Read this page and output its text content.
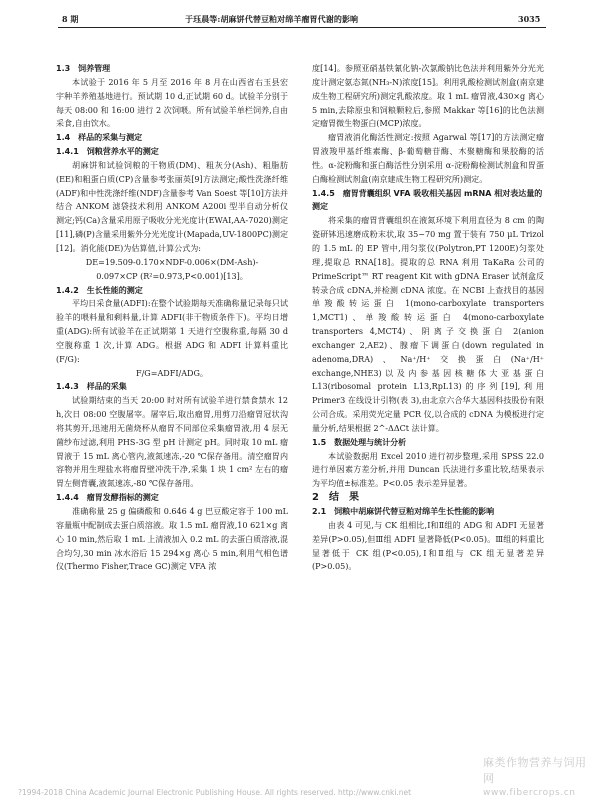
8 期	于珏晨等:胡麻饼代替豆粕对绵羊瘤胃代谢的影响	3035
1.3　饲养管理
本试验于 2016 年 5 月至 2016 年 8 月在山西省右玉县宏宇种羊养殖基地进行。预试期 10 d,正试期 60 d。试验羊分别于每天 08:00 和 16:00 进行 2 次饲喂。所有试验羊单栏饲养,自由采食,自由饮水。
1.4　样品的采集与测定
1.4.1　饲粮营养水平的测定
胡麻饼和试验饲粮的干物质(DM)、粗灰分(Ash)、粗脂肪(EE)和粗蛋白质(CP)含量参考张丽英[9]方法测定;酸性洗涤纤维(ADF)和中性洗涤纤维(NDF)含量参考 Van Soest 等[10]方法并结合 ANKOM 滤袋技术利用 ANKOM A200i 型半自动分析仪测定;钙(Ca)含量采用原子吸收分光光度计(EWAI,AA-7020)测定[11],磷(P)含量采用紫外分光光度计(Mapada,UV-1800PC)测定[12]。消化能(DE)为估算值,计算公式为:
DE=19.509-0.170×NDF-0.006×(DM-Ash)-
0.097×CP (R²=0.973,P<0.001)[13]。
1.4.2　生长性能的测定
平均日采食量(ADFI):在整个试验期每天准确称量记录每只试验羊的喂料量和剩料量,计算 ADFI(非干物质条件下)。平均日增重(ADG):所有试验羊在正试期第 1 天进行空腹称重,每隔 30 d 空腹称重 1 次,计算 ADG。根据 ADG 和 ADFI 计算料重比(F/G):
F/G=ADFI/ADG。
1.4.3　样品的采集
试验期结束的当天 20:00 时对所有试验羊进行禁食禁水 12 h,次日 08:00 空腹屠宰。屠宰后,取出瘤胃,用剪刀沿瘤胃冠状沟将其剪开,迅速用无菌烧杯从瘤胃不同部位采集瘤胃液,用 4 层无菌纱布过滤,利用 PHS-3G 型 pH 计测定 pH。同时取 10 mL 瘤胃液于 15 mL 离心管内,液氮速冻,-20 ℃保存备用。清空瘤胃内容物并用生理盐水将瘤胃壁冲洗干净,采集 1 块 1 cm² 左右的瘤胃左侧背囊,液氮速冻,-80 ℃保存备用。
1.4.4　瘤胃发酵指标的测定
准确称量 25 g 偏磷酸和 0.646 4 g 巴豆酸定容于 100 mL 容量瓶中配制成去蛋白质溶液。取 1.5 mL 瘤胃液,10 621×g 离心 10 min,然后取 1 mL 上清液加入 0.2 mL 的去蛋白质溶液,混合均匀,30 min 冰水浴后 15 294×g 离心 5 min,利用气相色谱仪(Thermo Fisher,Trace GC)测定 VFA 浓
度[14]。参照亚硝基铁氰化钠-次氯酸钠比色法并利用紫外分光光度计测定氨态氮(NH₃-N)浓度[15]。利用乳酸检测试剂盒(南京建成生物工程研究所)测定乳酸浓度。取 1 mL 瘤胃液,430×g 离心 5 min,去除原虫和饲粮颗粒后,参照 Makkar 等[16]的比色法测定瘤胃微生物蛋白(MCP)浓度。
瘤胃液消化酶活性测定:按照 Agarwal 等[17]的方法测定瘤胃液羧甲基纤维素酶、β-葡萄糖苷酶、木聚糖酶和果胶酶的活性。α-淀粉酶和蛋白酶活性分别采用 α-淀粉酶检测试剂盒和胃蛋白酶检测试剂盒(南京建成生物工程研究所)测定。
1.4.5　瘤胃背囊组织 VFA 吸收相关基因 mRNA 相对表达量的测定
将采集的瘤胃背囊组织在液氮环境下利用直径为 8 cm 的陶瓷研钵迅速磨成粉末状,取 35~70 mg 置于装有 750 μL Trizol 的 1.5 mL 的 EP 管中,用匀浆仪(Polytron,PT 1200E)匀浆处理,提取总 RNA[18]。提取的总 RNA 利用 TaKaRa 公司的 PrimeScript™ RT reagent Kit with gDNA Eraser 试剂盒反转录合成 cDNA,并检测 cDNA 浓度。在 NCBI 上查找目的基因单羧酸转运蛋白 1(mono-carboxylate transporters 1,MCT1)、单羧酸转运蛋白 4(mono-carboxylate transporters 4,MCT4)、阴离子交换蛋白 2(anion exchanger 2,AE2)、腺瘤下调蛋白(down regulated in adenoma,DRA)、Na⁺/H⁺交换蛋白(Na⁺/H⁺ exchange,NHE3)以及内参基因核糖体大亚基蛋白 L13(ribosomal protein L13,RpL13)的序列[19],利用 Primer3 在线设计引物(表 3),由北京六合华大基因科技股份有限公司合成。采用荧光定量 PCR 仪,以合成的 cDNA 为模板进行定量分析,结果根据 2^-ΔΔCt 法计算。
1.5　数据处理与统计分析
本试验数据用 Excel 2010 进行初步整理,采用 SPSS 22.0 进行单因素方差分析,并用 Duncan 氏法进行多重比较,结果表示为平均值±标准差。P<0.05 表示差异显著。
2　结　果
2.1　饲粮中胡麻饼代替豆粕对绵羊生长性能的影响
由表 4 可见,与 CK 组相比,Ⅰ和Ⅱ组的 ADG 和 ADFI 无显著差异(P>0.05),但Ⅲ组 ADFI 显著降低(P<0.05)。Ⅲ组的料重比显著低于 CK 组(P<0.05),Ⅰ和Ⅱ组与 CK 组无显著差异(P>0.05)。
麻类作物营养与饲用网
www.fibercrops.cn
?1994-2018 China Academic Journal Electronic Publishing House. All rights reserved. http://www.cnki.net
